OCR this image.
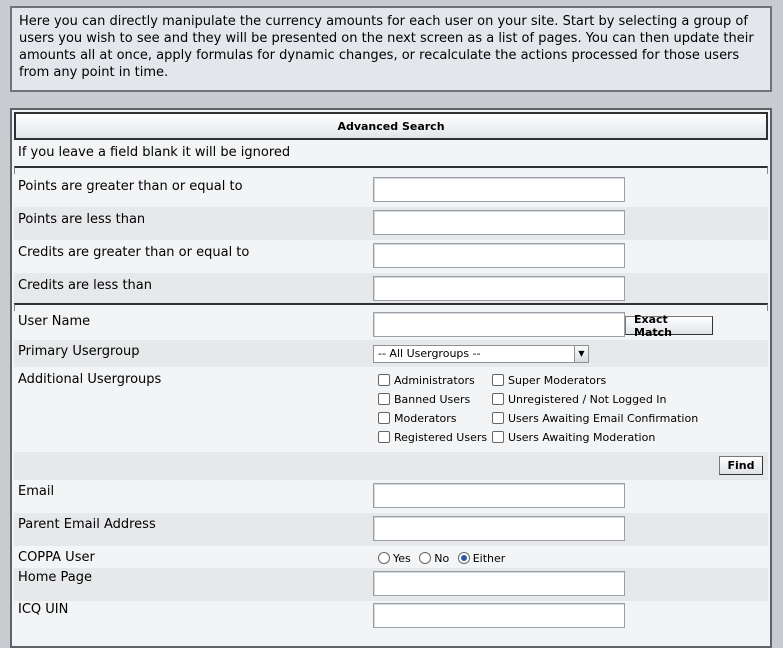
Here you can directly manipulate the currency amounts for each user on your site. Start by selecting a group of users you wish to see and they will be presented on the next screen as a list of pages. You can then update their amounts all at once, apply formulas for dynamic changes, or recalculate the actions processed for those users from any point in time.
Advanced Search
If you leave a field blank it will be ignored
Points are greater than or equal to
Points are less than
Credits are greater than or equal to
Credits are less than
User Name	Exact Match
Primary Usergroup	-- All Usergroups --	▼
Additional Usergroups	Administrators	Super Moderators
Banned Users	Unregistered / Not Logged In
Moderators	Users Awaiting Email Confirmation
Registered Users	Users Awaiting Moderation
Find
Email
Parent Email Address
COPPA User	Yes No Either
Home Page
ICQ UIN
